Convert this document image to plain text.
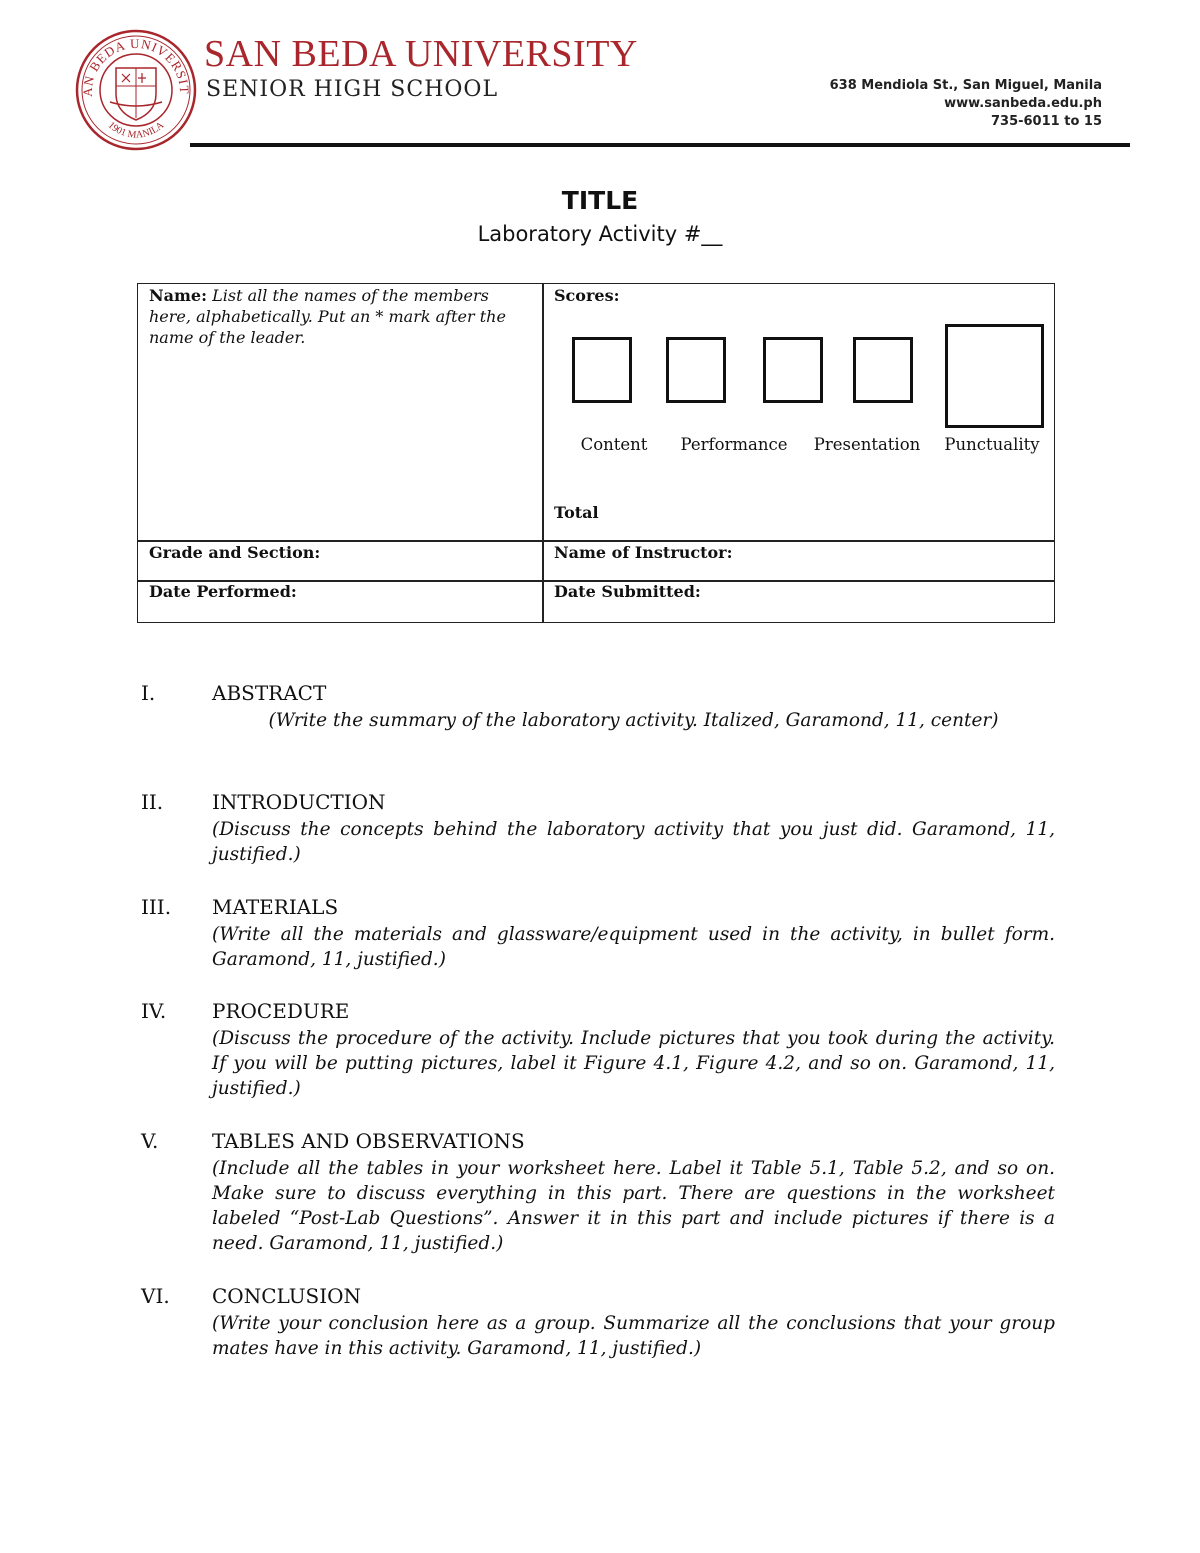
AN BEDA UNIVERSIT
1901 MANILA
SAN BEDA UNIVERSITY
SENIOR HIGH SCHOOL	638 Mendiola St., San Miguel, Manila
www.sanbeda.edu.ph
735-6011 to 15
TITLE
Laboratory Activity #__
Name: List all the names of the members here, alphabetically. Put an * mark after the name of the leader.
Scores:
Content	Performance	Presentation	Punctuality
Total
Grade and Section:	Name of Instructor:
Date Performed:	Date Submitted:
I.	ABSTRACT
(Write the summary of the laboratory activity. Italized, Garamond, 11, center)
II. INTRODUCTION
(Discuss the concepts behind the laboratory activity that you just did. Garamond, 11, justified.)
III. MATERIALS
(Write all the materials and glassware/equipment used in the activity, in bullet form. Garamond, 11, justified.)
IV. PROCEDURE
(Discuss the procedure of the activity. Include pictures that you took during the activity. If you will be putting pictures, label it Figure 4.1, Figure 4.2, and so on. Garamond, 11, justified.)
V.	TABLES AND OBSERVATIONS
(Include all the tables in your worksheet here. Label it Table 5.1, Table 5.2, and so on. Make sure to discuss everything in this part. There are questions in the worksheet labeled “Post-Lab Questions”. Answer it in this part and include pictures if there is a need. Garamond, 11, justified.)
VI. CONCLUSION
(Write your conclusion here as a group. Summarize all the conclusions that your group mates have in this activity. Garamond, 11, justified.)
